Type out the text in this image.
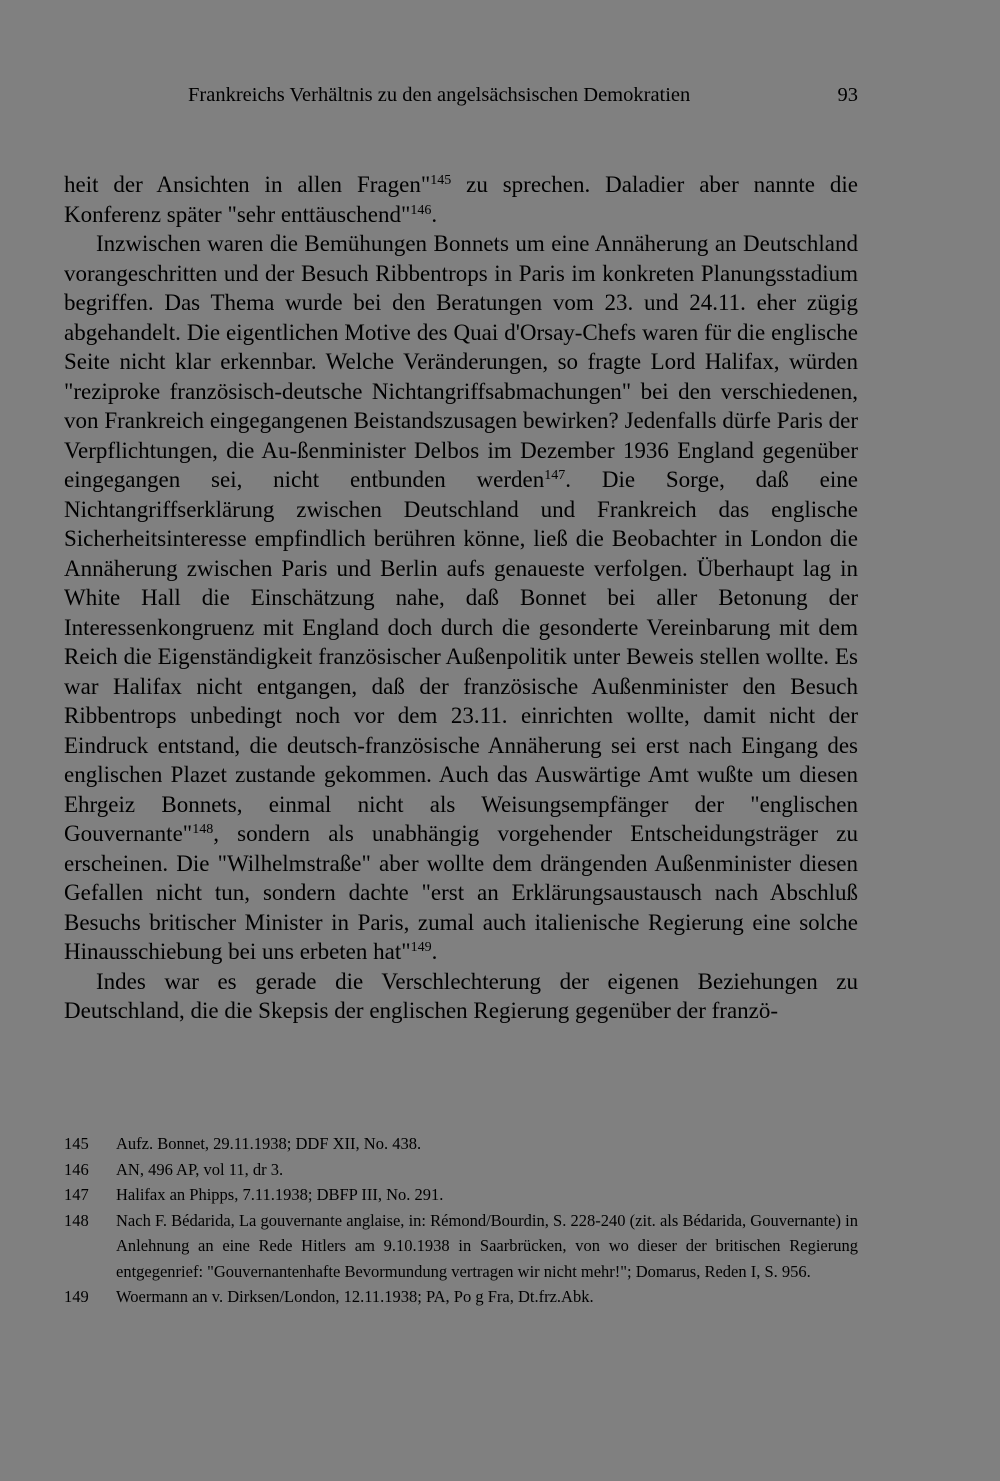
Frankreichs Verhältnis zu den angelsächsischen Demokratien	93

heit der Ansichten in allen Fragen"$^{145}$ zu sprechen. Daladier aber nannte die Konferenz später "sehr enttäuschend"$^{146}$.

Inzwischen waren die Bemühungen Bonnets um eine Annäherung an Deutschland vorangeschritten und der Besuch Ribbentrops in Paris im konkreten Planungsstadium begriffen. Das Thema wurde bei den Beratungen vom 23. und 24.11. eher zügig abgehandelt. Die eigentlichen Motive des Quai d'Orsay-Chefs waren für die englische Seite nicht klar erkennbar. Welche Veränderungen, so fragte Lord Halifax, würden "reziproke französisch-deutsche Nichtangriffsabmachungen" bei den verschiedenen, von Frankreich eingegangenen Beistandszusagen bewirken? Jedenfalls dürfe Paris der Verpflichtungen, die Au-ßenminister Delbos im Dezember 1936 England gegenüber eingegangen sei, nicht entbunden werden$^{147}$. Die Sorge, daß eine Nichtangriffserklärung zwischen Deutschland und Frankreich das englische Sicherheitsinteresse empfindlich berühren könne, ließ die Beobachter in London die Annäherung zwischen Paris und Berlin aufs genaueste verfolgen. Überhaupt lag in White Hall die Einschätzung nahe, daß Bonnet bei aller Betonung der Interessenkongruenz mit England doch durch die gesonderte Vereinbarung mit dem Reich die Eigenständigkeit französischer Außenpolitik unter Beweis stellen wollte. Es war Halifax nicht entgangen, daß der französische Außenminister den Besuch Ribbentrops unbedingt noch vor dem 23.11. einrichten wollte, damit nicht der Eindruck entstand, die deutsch-französische Annäherung sei erst nach Eingang des englischen Plazet zustande gekommen. Auch das Auswärtige Amt wußte um diesen Ehrgeiz Bonnets, einmal nicht als Weisungsempfänger der "englischen Gouvernante"$^{148}$, sondern als unabhängig vorgehender Entscheidungsträger zu erscheinen. Die "Wilhelmstraße" aber wollte dem drängenden Außenminister diesen Gefallen nicht tun, sondern dachte "erst an Erklärungsaustausch nach Abschluß Besuchs britischer Minister in Paris, zumal auch italienische Regierung eine solche Hinausschiebung bei uns erbeten hat"$^{149}$.

Indes war es gerade die Verschlechterung der eigenen Beziehungen zu Deutschland, die die Skepsis der englischen Regierung gegenüber der franzö-

145	Aufz. Bonnet, 29.11.1938; DDF XII, No. 438.
146	AN, 496 AP, vol 11, dr 3.
147	Halifax an Phipps, 7.11.1938; DBFP III, No. 291.
148	Nach F. Bédarida, La gouvernante anglaise, in: Rémond/Bourdin, S. 228-240 (zit. als Bédarida, Gouvernante) in Anlehnung an eine Rede Hitlers am 9.10.1938 in Saarbrücken, von wo dieser der britischen Regierung entgegenrief: "Gouvernantenhafte Bevormundung vertragen wir nicht mehr!"; Domarus, Reden I, S. 956.
149	Woermann an v. Dirksen/London, 12.11.1938; PA, Po g Fra, Dt.frz.Abk.
